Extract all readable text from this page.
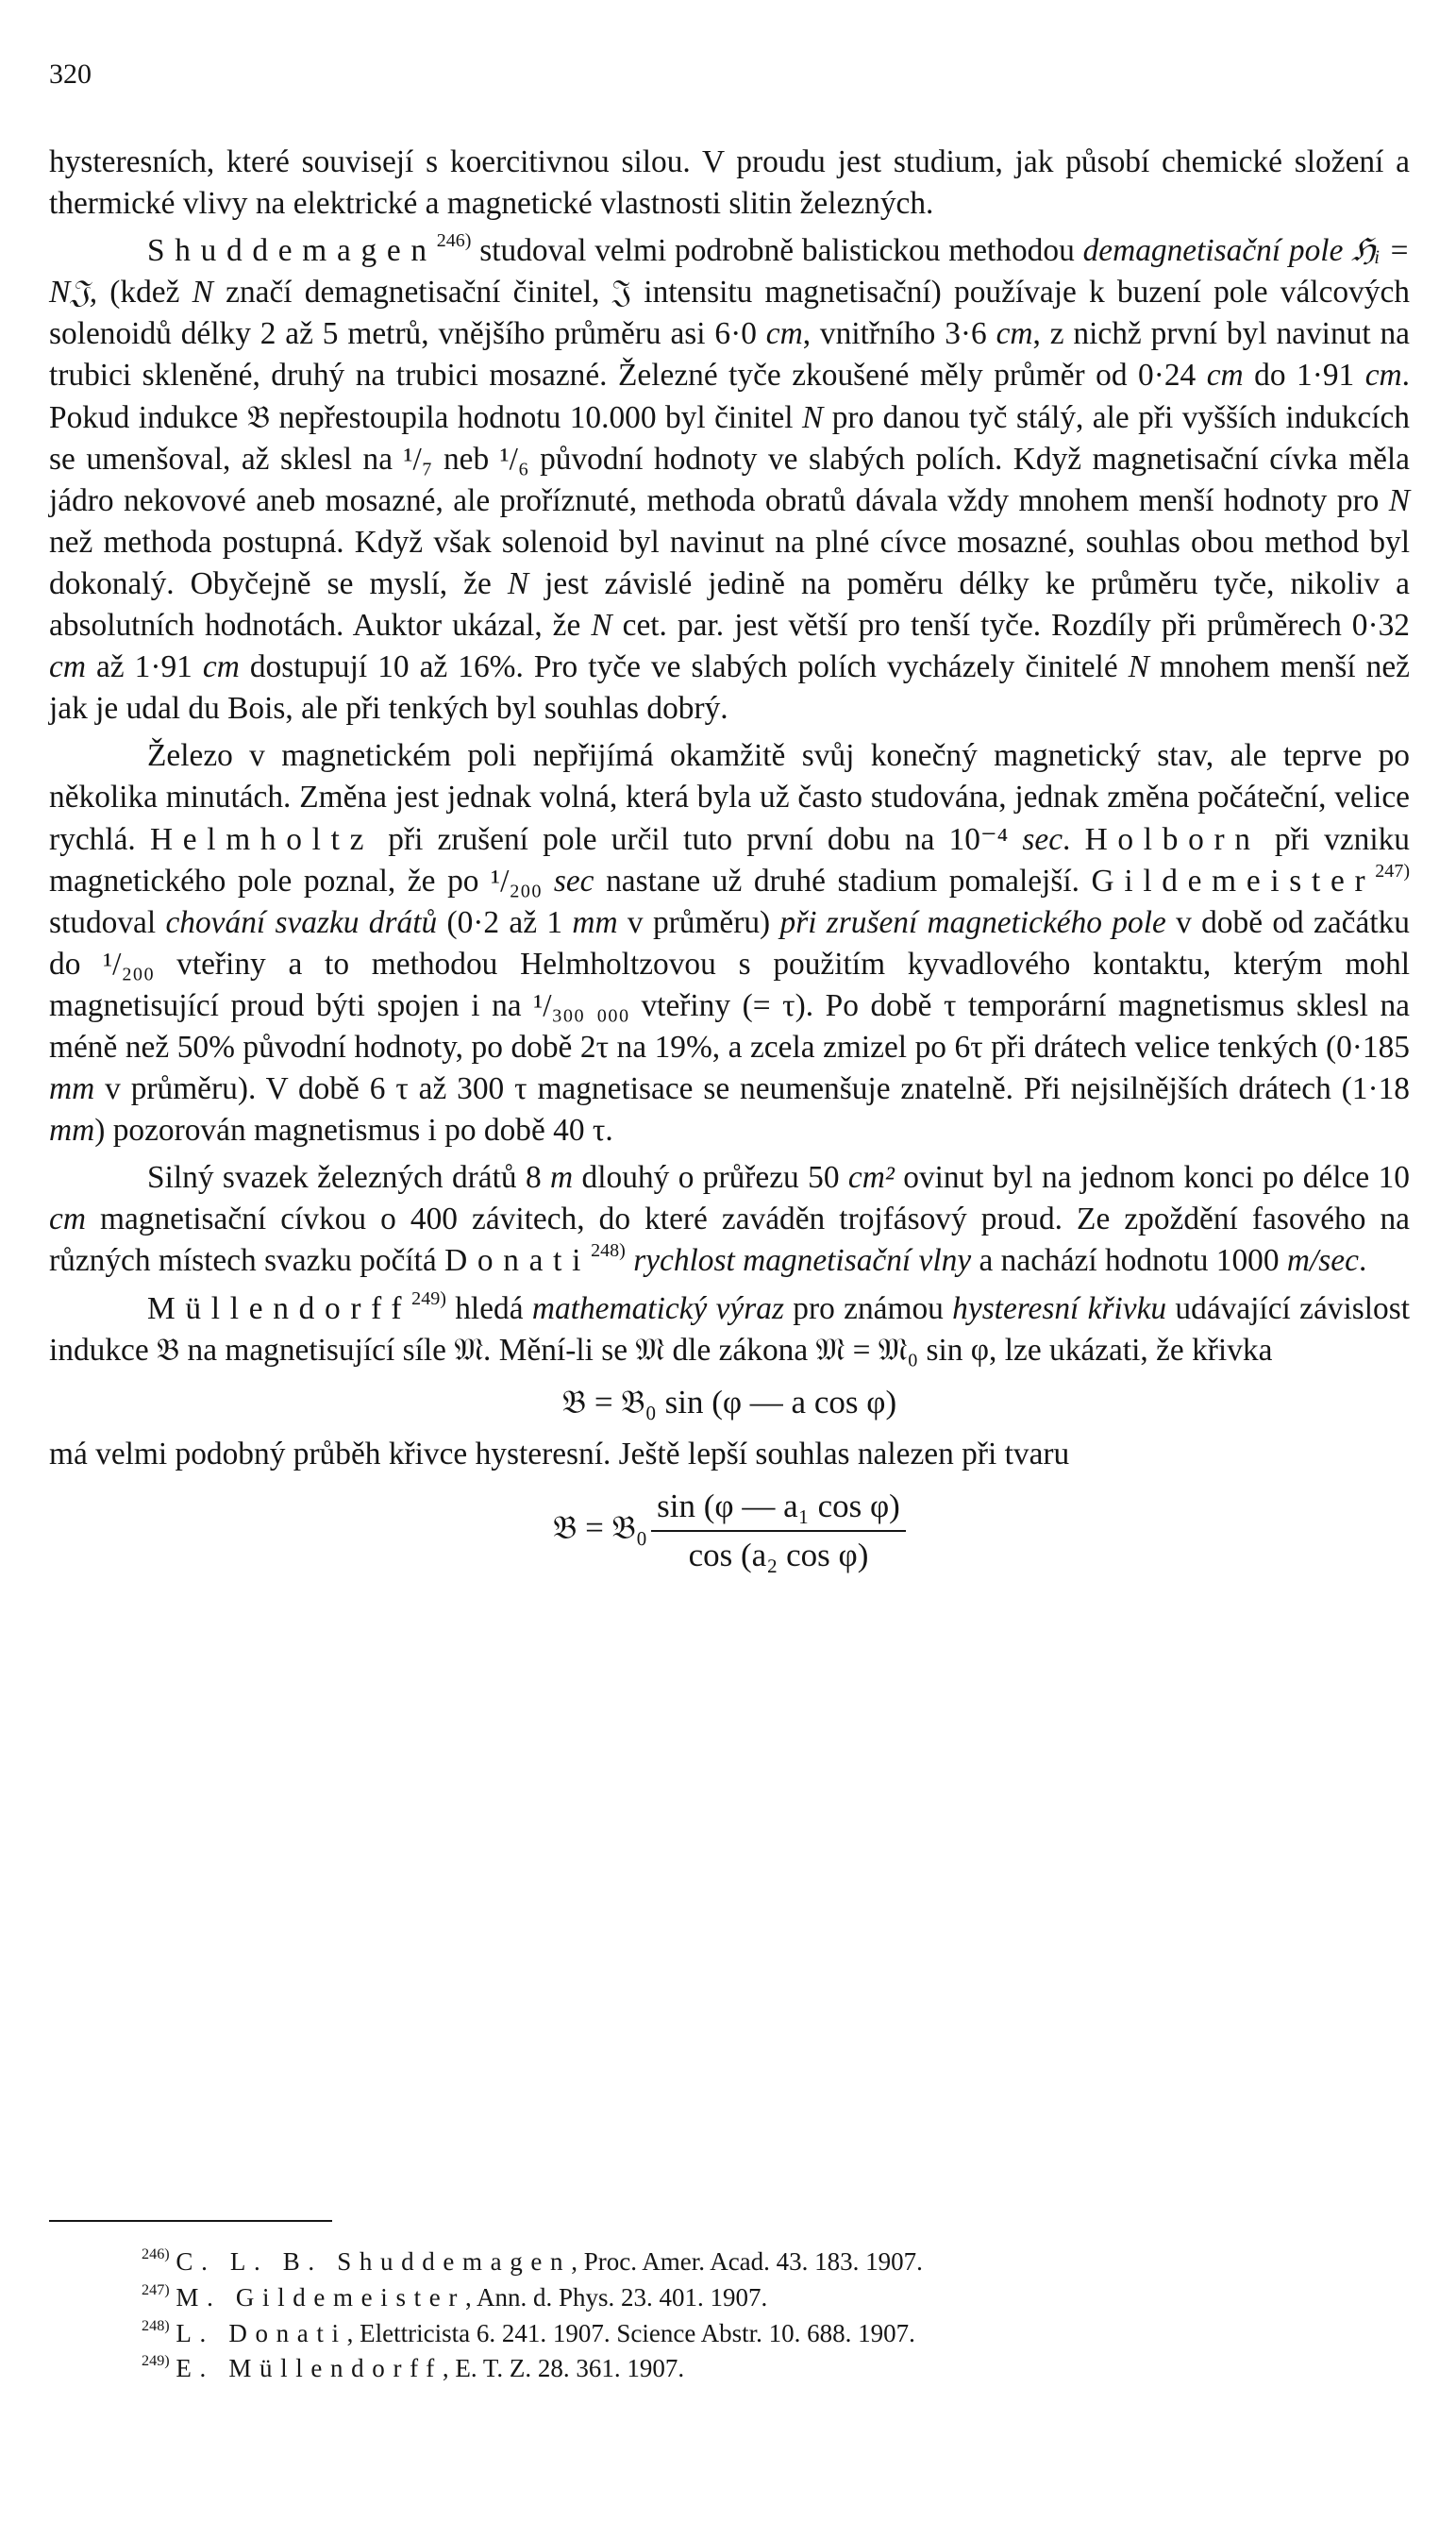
320

hysteresních, které souvisejí s koercitivnou silou. V proudu jest studium, jak působí chemické složení a thermické vlivy na elektrické a magnetické vlastnosti slitin železných.

Shuddemagen$^{246)}$ studoval velmi podrobně balistickou methodou demagnetisační pole ℌᵢ = N𝔍, (kdež N značí demagnetisační činitel, 𝔍 intensitu magnetisační) používaje k buzení pole válcových solenoidů délky 2 až 5 metrů, vnějšího průměru asi 6·0 cm, vnitřního 3·6 cm, z nichž první byl navinut na trubici skleněné, druhý na trubici mosazné. Železné tyče zkoušené měly průměr od 0·24 cm do 1·91 cm. Pokud indukce 𝔅 nepřestoupila hodnotu 10.000 byl činitel N pro danou tyč stálý, ale při vyšších indukcích se umenšoval, až sklesl na ¹/₇ neb ¹/₆ původní hodnoty ve slabých polích. Když magnetisační cívka měla jádro nekovové aneb mosazné, ale proříznuté, methoda obratů dávala vždy mnohem menší hodnoty pro N než methoda postupná. Když však solenoid byl navinut na plné cívce mosazné, souhlas obou method byl dokonalý. Obyčejně se myslí, že N jest závislé jedině na poměru délky ke průměru tyče, nikoliv a absolutních hodnotách. Auktor ukázal, že N cet. par. jest větší pro tenší tyče. Rozdíly při průměrech 0·32 cm až 1·91 cm dostupují 10 až 16%. Pro tyče ve slabých polích vycházely činitelé N mnohem menší než jak je udal du Bois, ale při tenkých byl souhlas dobrý.

Železo v magnetickém poli nepřijímá okamžitě svůj konečný magnetický stav, ale teprve po několika minutách. Změna jest jednak volná, která byla už často studována, jednak změna počáteční, velice rychlá. Helmholtz při zrušení pole určil tuto první dobu na 10⁻⁴ sec. Holborn při vzniku magnetického pole poznal, že po ¹/₂₀₀ sec nastane už druhé stadium pomalejší. Gildemeister$^{247)}$ studoval chování svazku drátů (0·2 až 1 mm v průměru) při zrušení magnetického pole v době od začátku do ¹/₂₀₀ vteřiny a to methodou Helmholtzovou s použitím kyvadlového kontaktu, kterým mohl magnetisující proud býti spojen i na ¹/₃₀₀ ₀₀₀ vteřiny (= τ). Po době τ temporární magnetismus sklesl na méně než 50% původní hodnoty, po době 2τ na 19%, a zcela zmizel po 6τ při drátech velice tenkých (0·185 mm v průměru). V době 6 τ až 300 τ magnetisace se neumenšuje znatelně. Při nejsilnějších drátech (1·18 mm) pozorován magnetismus i po době 40 τ.

Silný svazek železných drátů 8 m dlouhý o průřezu 50 cm² ovinut byl na jednom konci po délce 10 cm magnetisační cívkou o 400 závitech, do které zaváděn trojfásový proud. Ze zpoždění fasového na různých místech svazku počítá Donati$^{248)}$ rychlost magnetisační vlny a nachází hodnotu 1000 m/sec.

Müllendorff$^{249)}$ hledá mathematický výraz pro známou hysteresní křivku udávající závislost indukce 𝔅 na magnetisující síle 𝔐. Mění-li se 𝔐 dle zákona 𝔐 = 𝔐₀ sin φ, lze ukázati, že křivka

𝔅 = 𝔅₀ sin (φ — a cos φ)

má velmi podobný průběh křivce hysteresní. Ještě lepší souhlas nalezen při tvaru

𝔅 = 𝔅₀ $\frac{\text{sin (φ — a₁ cos φ)}}{\text{cos (a₂ cos φ)}}$
$^{246)}$ C. L. B. Shuddemagen, Proc. Amer. Acad. 43. 183. 1907.
$^{247)}$ M. Gildemeister, Ann. d. Phys. 23. 401. 1907.
$^{248)}$ L. Donati, Elettricista 6. 241. 1907. Science Abstr. 10. 688. 1907.
$^{249)}$ E. Müllendorff, E. T. Z. 28. 361. 1907.
